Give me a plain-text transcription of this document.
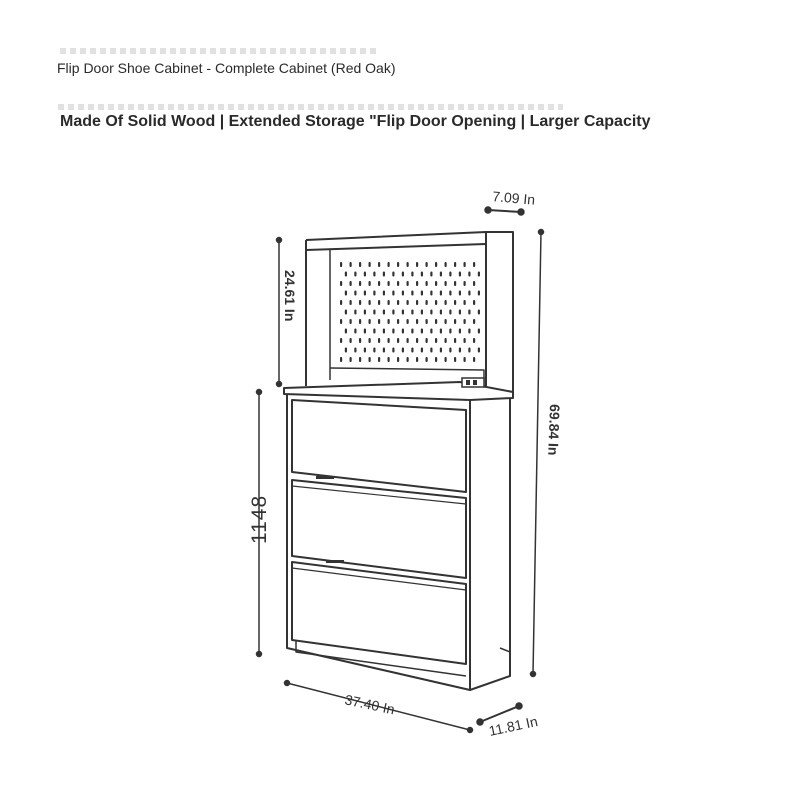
Flip Door Shoe Cabinet - Complete Cabinet (Red Oak)
Made Of Solid Wood | Extended Storage "Flip Door Opening | Larger Capacity
7.09 In
24.61 In
69.84 In
1148
37.40 In
11.81 In
